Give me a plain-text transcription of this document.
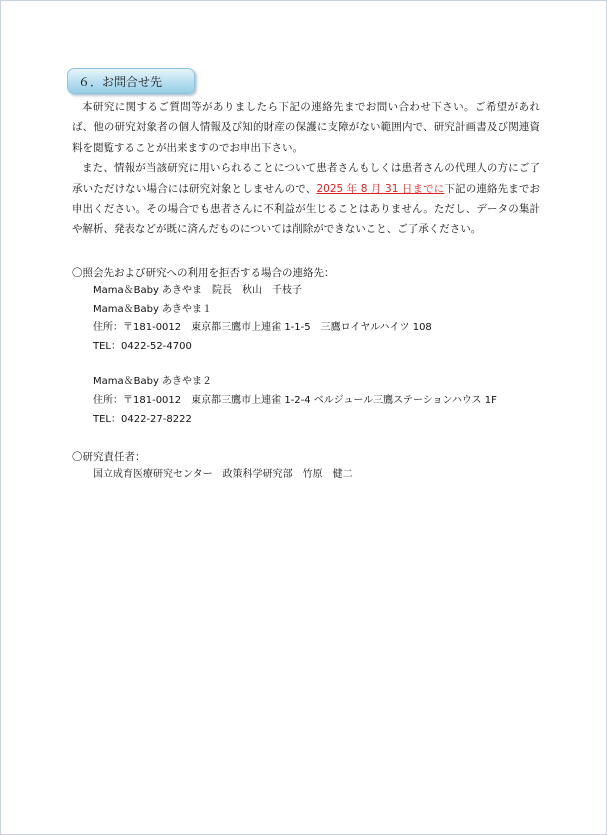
６．お問合せ先

本研究に関するご質問等がありましたら下記の連絡先までお問い合わせ下さい。ご希望があれば、他の研究対象者の個人情報及び知的財産の保護に支障がない範囲内で、研究計画書及び関連資料を閲覧することが出来ますのでお申出下さい。

また、情報が当該研究に用いられることについて患者さんもしくは患者さんの代理人の方にご了承いただけない場合には研究対象としませんので、2025 年 8 月 31 日までに下記の連絡先までお申出ください。その場合でも患者さんに不利益が生じることはありません。ただし、データの集計や解析、発表などが既に済んだものについては削除ができないこと、ご了承ください。

〇照会先および研究への利用を拒否する場合の連絡先：
Mama＆Baby あきやま　院長　秋山　千枝子
Mama＆Baby あきやま１
住所：〒181-0012　東京都三鷹市上連雀 1-1-5　三鷹ロイヤルハイツ 108
TEL：0422-52-4700
Mama＆Baby あきやま２
住所：〒181-0012　東京都三鷹市上連雀 1-2-4 ベルジュール三鷹ステーションハウス 1F
TEL：0422-27-8222
〇研究責任者：
国立成育医療研究センター　政策科学研究部　竹原　健二
